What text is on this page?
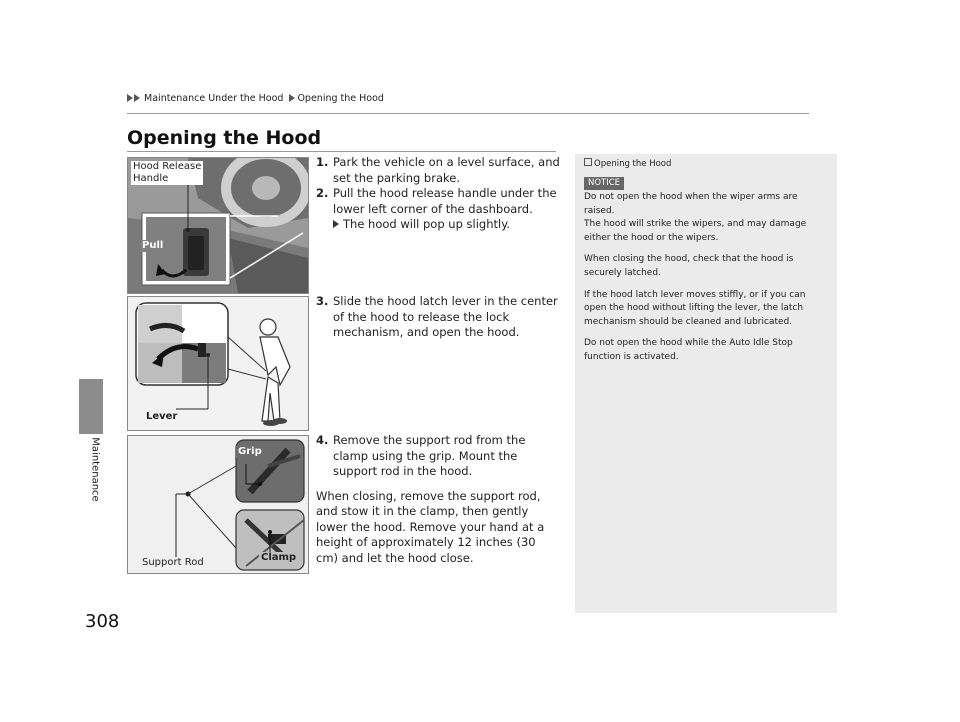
Maintenance Under the Hood Opening the Hood
Maintenance
Opening the Hood
Hood Release
Handle
Pull
Lever
Grip
Clamp
Support Rod
1. Park the vehicle on a level surface, and set the parking brake.
2. Pull the hood release handle under the lower left corner of the dashboard.
The hood will pop up slightly.
3. Slide the hood latch lever in the center of the hood to release the lock mechanism, and open the hood.
4. Remove the support rod from the clamp using the grip. Mount the support rod in the hood.
When closing, remove the support rod, and stow it in the clamp, then gently lower the hood. Remove your hand at a height of approximately 12 inches (30 cm) and let the hood close.
Opening the Hood
NOTICE

Do not open the hood when the wiper arms are raised.
The hood will strike the wipers, and may damage either the hood or the wipers.

When closing the hood, check that the hood is securely latched.

If the hood latch lever moves stiffly, or if you can open the hood without lifting the lever, the latch mechanism should be cleaned and lubricated.

Do not open the hood while the Auto Idle Stop function is activated.

308
